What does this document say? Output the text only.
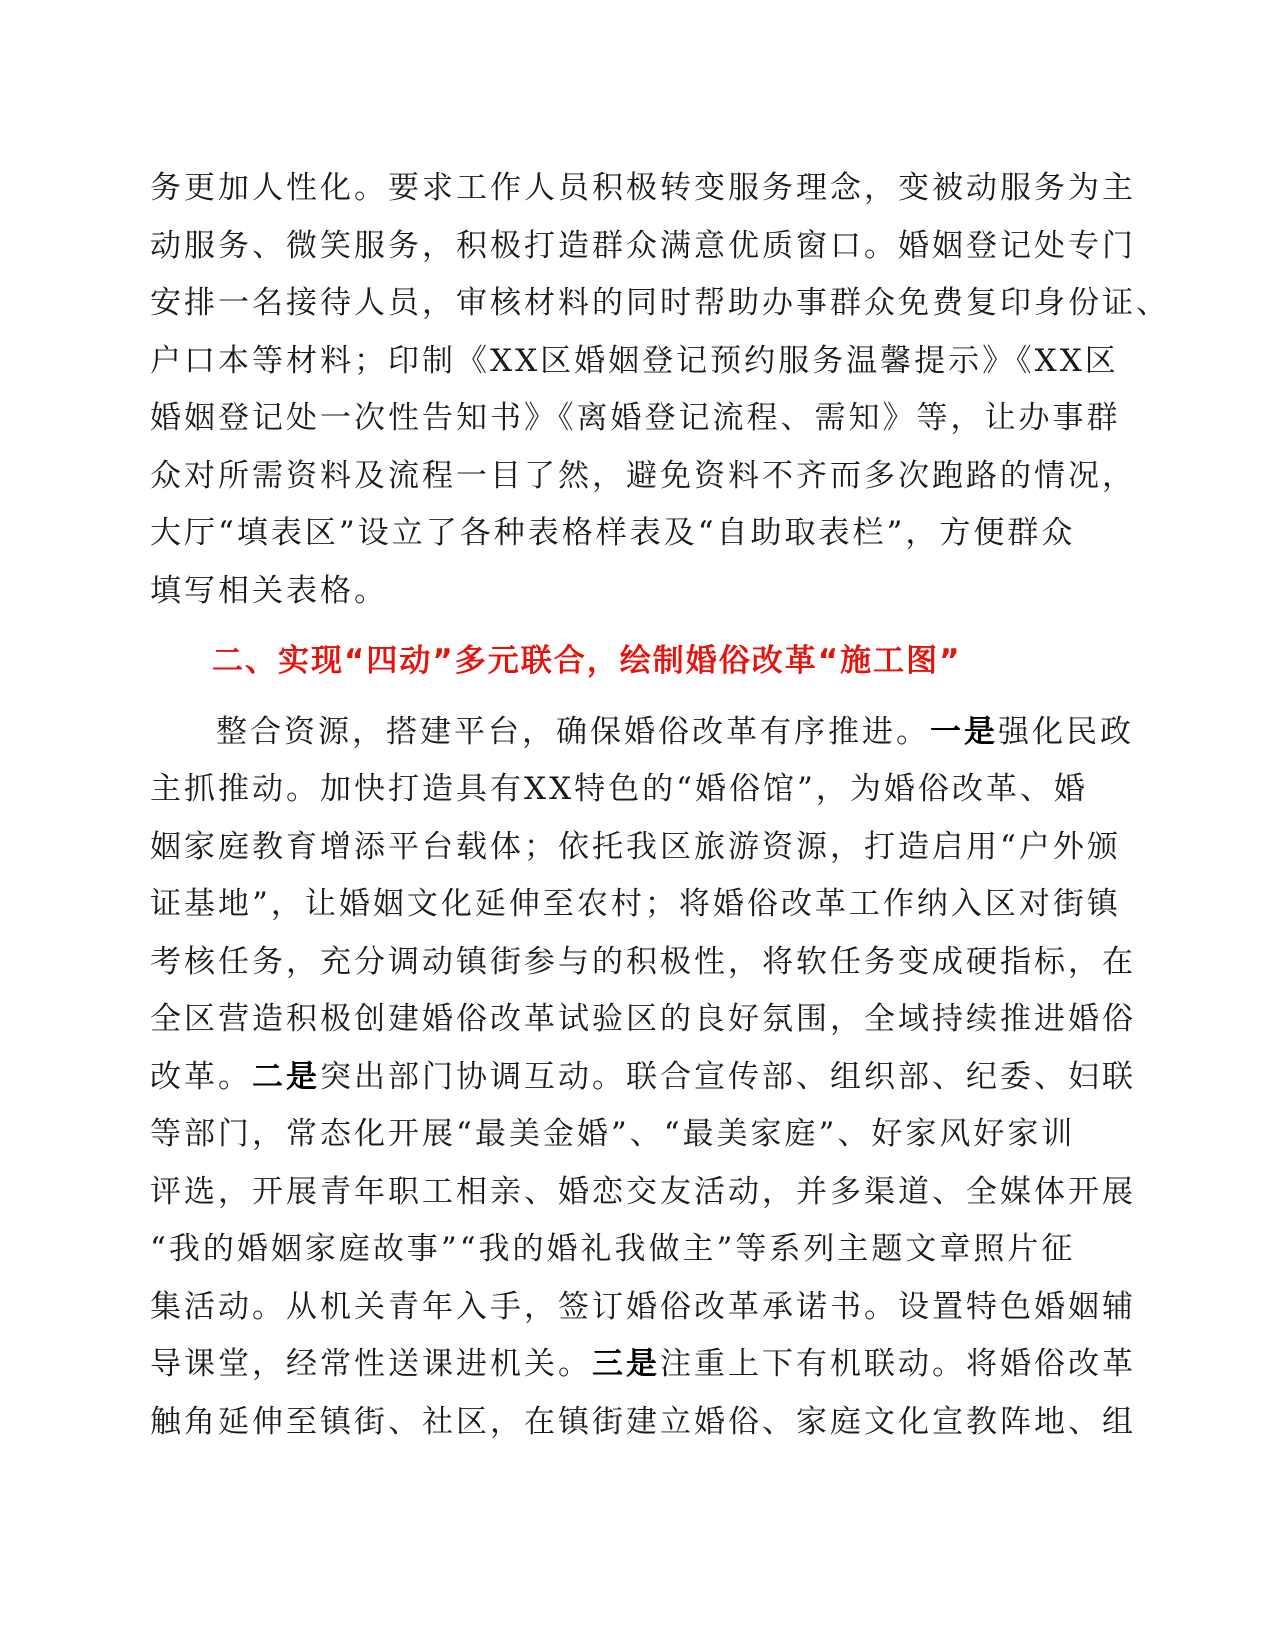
务更加人性化。要求工作人员积极转变服务理念，变被动服务为主
动服务、微笑服务，积极打造群众满意优质窗口。婚姻登记处专门
安排一名接待人员，审核材料的同时帮助办事群众免费复印身份证、
户口本等材料；印制《XX区婚姻登记预约服务温馨提示》《XX区
婚姻登记处一次性告知书》《离婚登记流程、需知》等，让办事群
众对所需资料及流程一目了然，避免资料不齐而多次跑路的情况，
大厅“填表区”设立了各种表格样表及“自助取表栏”，方便群众
填写相关表格。
二、实现“四动”多元联合，绘制婚俗改革“施工图”
整合资源，搭建平台，确保婚俗改革有序推进。一是强化民政
主抓推动。加快打造具有XX特色的“婚俗馆”，为婚俗改革、婚
姻家庭教育增添平台载体；依托我区旅游资源，打造启用“户外颁
证基地”，让婚姻文化延伸至农村；将婚俗改革工作纳入区对街镇
考核任务，充分调动镇街参与的积极性，将软任务变成硬指标，在
全区营造积极创建婚俗改革试验区的良好氛围，全域持续推进婚俗
改革。二是突出部门协调互动。联合宣传部、组织部、纪委、妇联
等部门，常态化开展“最美金婚”、“最美家庭”、好家风好家训
评选，开展青年职工相亲、婚恋交友活动，并多渠道、全媒体开展
“我的婚姻家庭故事”“我的婚礼我做主”等系列主题文章照片征
集活动。从机关青年入手，签订婚俗改革承诺书。设置特色婚姻辅
导课堂，经常性送课进机关。三是注重上下有机联动。将婚俗改革
触角延伸至镇街、社区，在镇街建立婚俗、家庭文化宣教阵地、组
